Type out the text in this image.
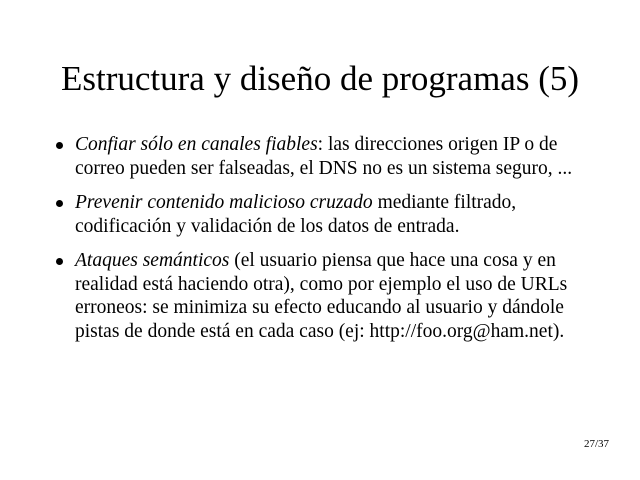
Estructura y diseño de programas (5)
Confiar sólo en canales fiables: las direcciones origen IP o de correo pueden ser falseadas, el DNS no es un sistema seguro, ...
Prevenir contenido malicioso cruzado mediante filtrado, codificación y validación de los datos de entrada.
Ataques semánticos (el usuario piensa que hace una cosa y en realidad está haciendo otra), como por ejemplo el uso de URLs erroneos: se minimiza su efecto educando al usuario y dándole pistas de donde está en cada caso (ej: http://foo.org@ham.net).
27/37
